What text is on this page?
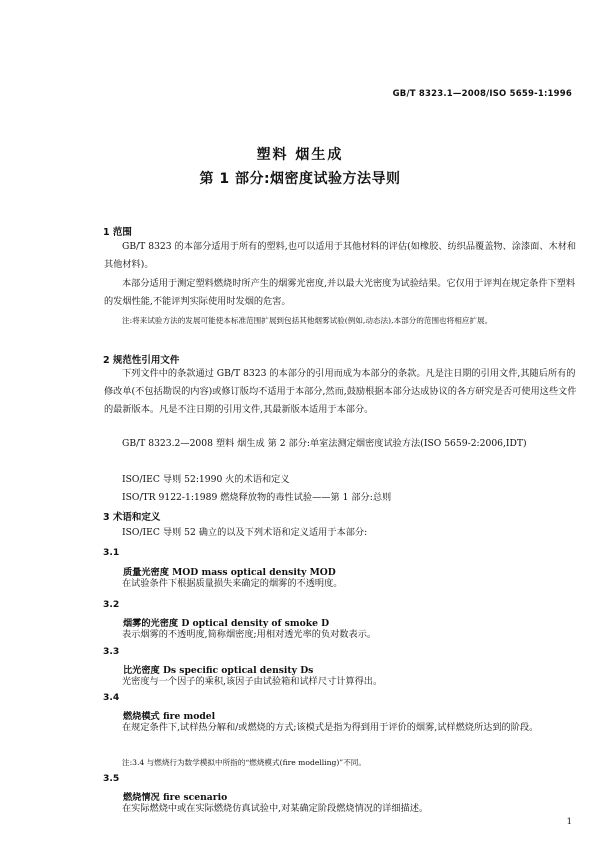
GB/T 8323.1—2008/ISO 5659-1:1996
塑料 烟生成
第 1 部分:烟密度试验方法导则
1 范围
GB/T 8323 的本部分适用于所有的塑料,也可以适用于其他材料的评估(如橡胶、纺织品覆盖物、涂漆面、木材和其他材料)。
本部分适用于测定塑料燃烧时所产生的烟雾光密度,并以最大光密度为试验结果。它仅用于评判在规定条件下塑料的发烟性能,不能评判实际使用时发烟的危害。
注:将来试验方法的发展可能使本标准范围扩展到包括其他烟雾试验(例如,动态法),本部分的范围也将相应扩展。
2 规范性引用文件
下列文件中的条款通过 GB/T 8323 的本部分的引用而成为本部分的条款。凡是注日期的引用文件,其随后所有的修改单(不包括勘误的内容)或修订版均不适用于本部分,然而,鼓励根据本部分达成协议的各方研究是否可使用这些文件的最新版本。凡是不注日期的引用文件,其最新版本适用于本部分。
GB/T 8323.2—2008 塑料 烟生成 第 2 部分:单室法测定烟密度试验方法(ISO 5659-2:2006,IDT)
ISO/IEC 导则 52:1990 火的术语和定义
ISO/TR 9122-1:1989 燃烧释放物的毒性试验——第 1 部分:总则
3 术语和定义
ISO/IEC 导则 52 确立的以及下列术语和定义适用于本部分:
3.1
质量光密度 MOD mass optical density MOD
在试验条件下根据质量损失来确定的烟雾的不透明度。
3.2
烟雾的光密度 D optical density of smoke D
表示烟雾的不透明度,简称烟密度;用相对透光率的负对数表示。
3.3
比光密度 Ds specific optical density Ds
光密度与一个因子的乘积,该因子由试验箱和试样尺寸计算得出。
3.4
燃烧模式 fire model
在规定条件下,试样热分解和/或燃烧的方式;该模式是指为得到用于评价的烟雾,试样燃烧所达到的阶段。
注:3.4 与燃烧行为数学模拟中所指的“燃烧模式(fire modelling)”不同。
3.5
燃烧情况 fire scenario
在实际燃烧中或在实际燃烧仿真试验中,对某确定阶段燃烧情况的详细描述。
1
